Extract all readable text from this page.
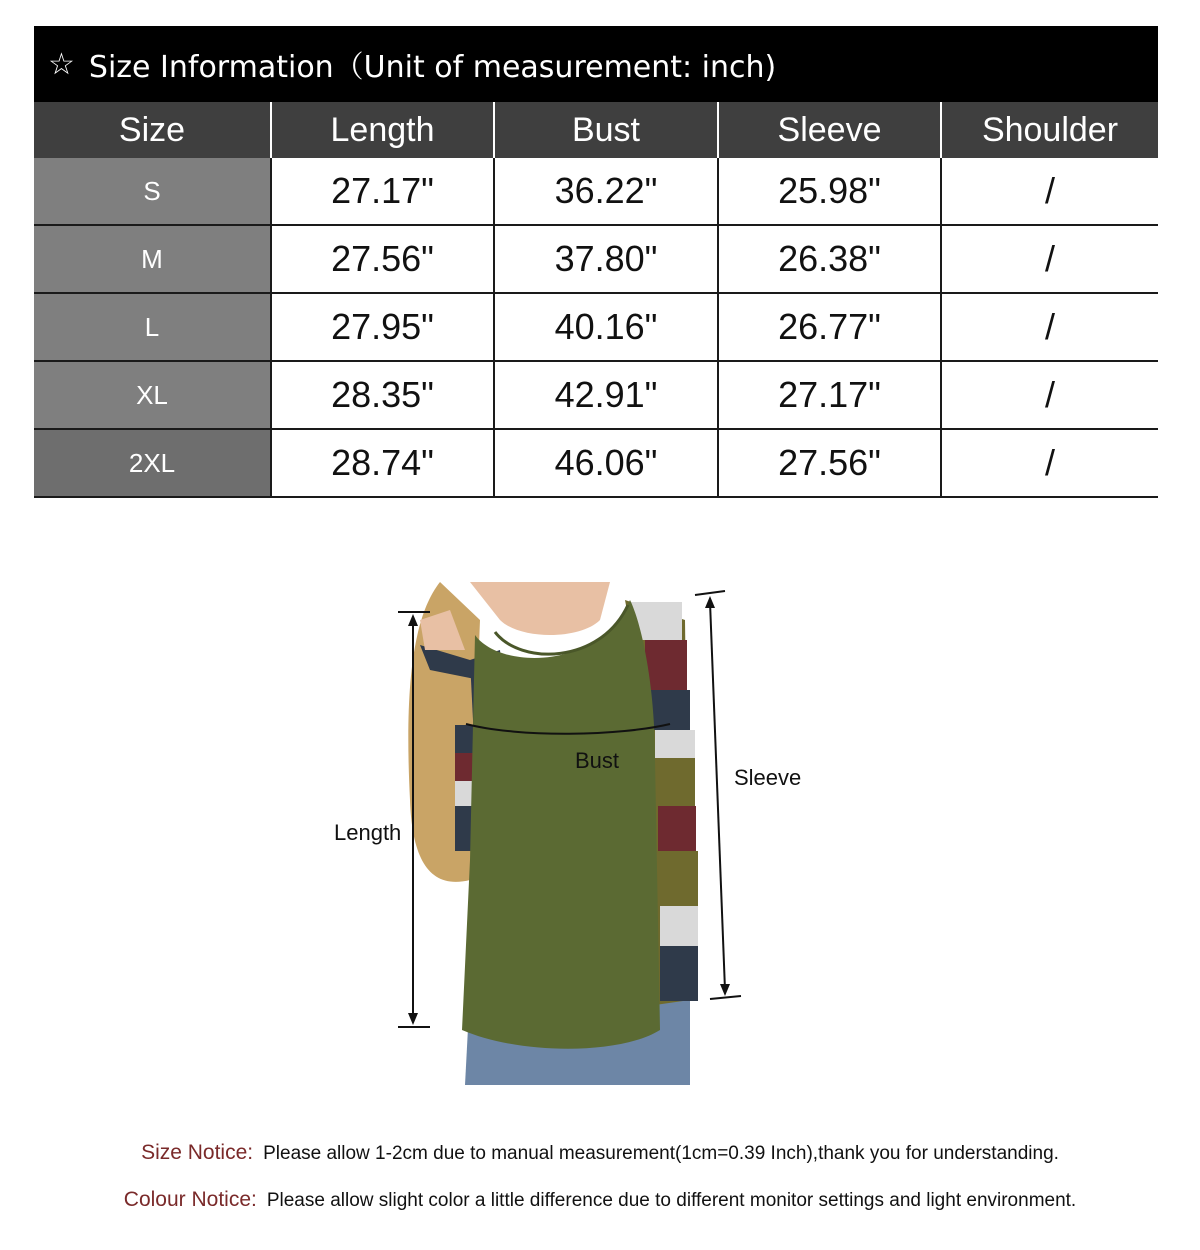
☆ Size Information（Unit of measurement: inch)
Size	Length	Bust	Sleeve	Shoulder
S	27.17"	36.22"	25.98"	/
M	27.56"	37.80"	26.38"	/
L	27.95"	40.16"	26.77"	/
XL	28.35"	42.91"	27.17"	/
2XL	28.74"	46.06"	27.56"	/
Bust
Length
Sleeve
Size Notice: Please allow 1-2cm due to manual measurement(1cm=0.39 Inch),thank you for understanding.
Colour Notice: Please allow slight color a little difference due to different monitor settings and light environment.
